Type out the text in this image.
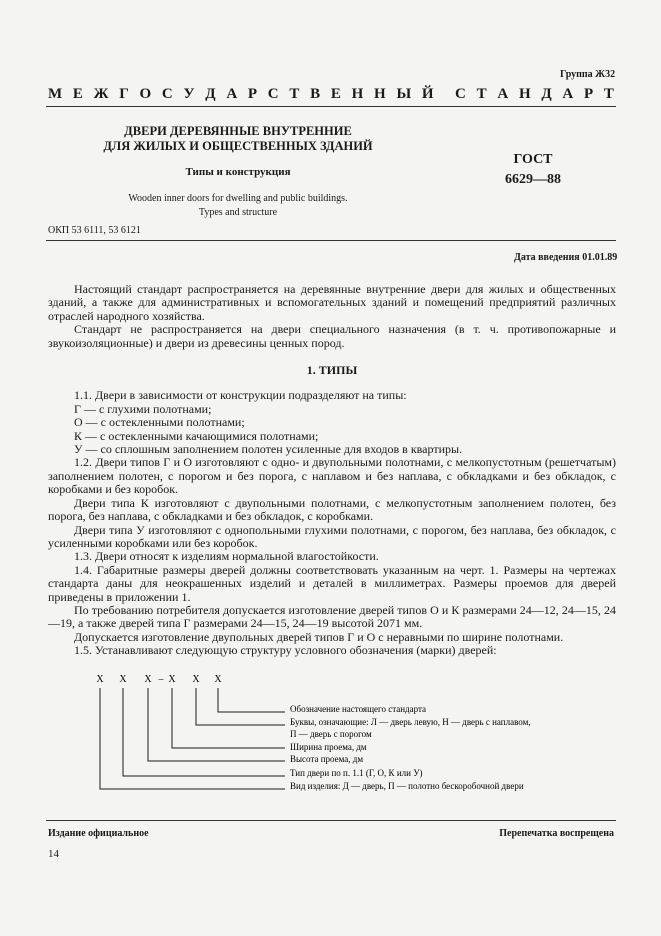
Группа Ж32
М Е Ж Г О С У Д А Р С Т В Е Н Н Ы Й С Т А Н Д А Р Т
ДВЕРИ ДЕРЕВЯННЫЕ ВНУТРЕННИЕ
ДЛЯ ЖИЛЫХ И ОБЩЕСТВЕННЫХ ЗДАНИЙ
Типы и конструкция
Wooden inner doors for dwelling and public buildings.
Types and structure
ГОСТ
6629—88
ОКП 53 6111, 53 6121
Дата введения 01.01.89

Настоящий стандарт распространяется на деревянные внутренние двери для жилых и общественных зданий, а также для административных и вспомогательных зданий и помещений предприятий различных отраслей народного хозяйства.

Стандарт не распространяется на двери специального назначения (в т. ч. противопожарные и звукоизоляционные) и двери из древесины ценных пород.

1. ТИПЫ

1.1. Двери в зависимости от конструкции подразделяют на типы:

Г — с глухими полотнами;

О — с остекленными полотнами;

К — с остекленными качающимися полотнами;

У — со сплошным заполнением полотен усиленные для входов в квартиры.

1.2. Двери типов Г и О изготовляют с одно- и двупольными полотнами, с мелкопустотным (решетчатым) заполнением полотен, с порогом и без порога, с наплавом и без наплава, с обкладками и без обкладок, с коробками и без коробок.

Двери типа К изготовляют с двупольными полотнами, с мелкопустотным заполнением полотен, без порога, без наплава, с обкладками и без обкладок, с коробками.

Двери типа У изготовляют с однопольными глухими полотнами, с порогом, без наплава, без обкладок, с усиленными коробками или без коробок.

1.3. Двери относят к изделиям нормальной влагостойкости.

1.4. Габаритные размеры дверей должны соответствовать указанным на черт. 1. Размеры на чертежах стандарта даны для неокрашенных изделий и деталей в миллиметрах. Размеры проемов для дверей приведены в приложении 1.

По требованию потребителя допускается изготовление дверей типов О и К размерами 24—12, 24—15, 24—19, а также дверей типа Г размерами 24—15, 24—19 высотой 2071 мм.

Допускается изготовление двупольных дверей типов Г и О с неравными по ширине полотнами.

1.5. Устанавливают следующую структуру условного обозначения (марки) дверей:

Х Х Х – Х Х Х
Обозначение настоящего стандарта
Буквы, означающие: Л — дверь левую, Н — дверь с наплавом,
П — дверь с порогом
Ширина проема, дм
Высота проема, дм
Тип двери по п. 1.1 (Г, О, К или У)
Вид изделия: Д — дверь, П — полотно бескоробочной двери
Издание официальное	Перепечатка воспрещена
14
